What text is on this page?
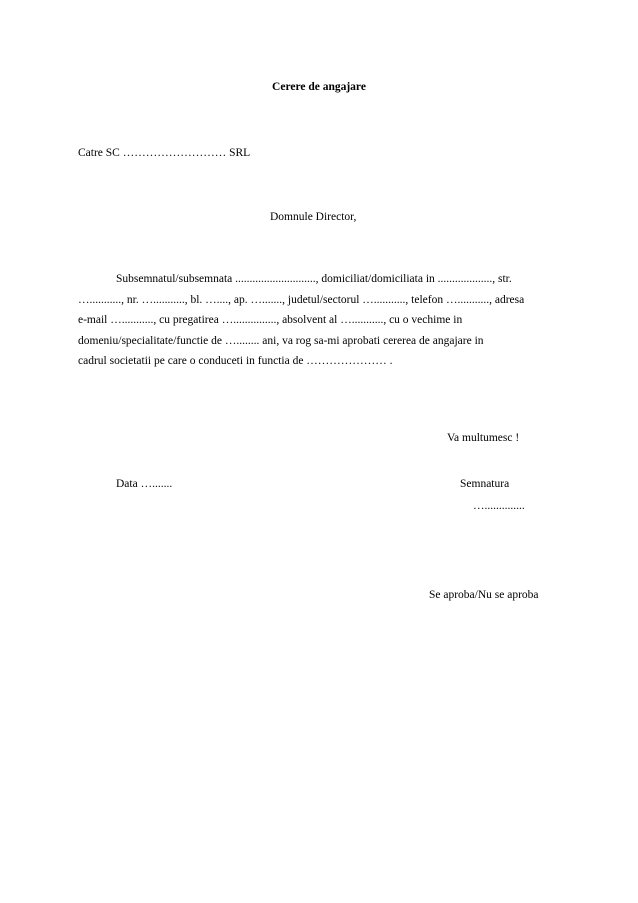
Cerere de angajare
Catre SC ……………………… SRL
Domnule Director,
Subsemnatul/subsemnata ............................, domiciliat/domiciliata in ..................., str.
…..........., nr. …..........., bl. …...., ap. …......., judetul/sectorul …..........., telefon …..........., adresa
e-mail …..........., cu pregatirea …..............., absolvent al …..........., cu o vechime in
domeniu/specialitate/functie de …........ ani, va rog sa-mi aprobati cererea de angajare in
cadrul societatii pe care o conduceti in functia de ………………… .
Va multumesc !
Data ….......	Semnatura
…..............
Se aproba/Nu se aproba
